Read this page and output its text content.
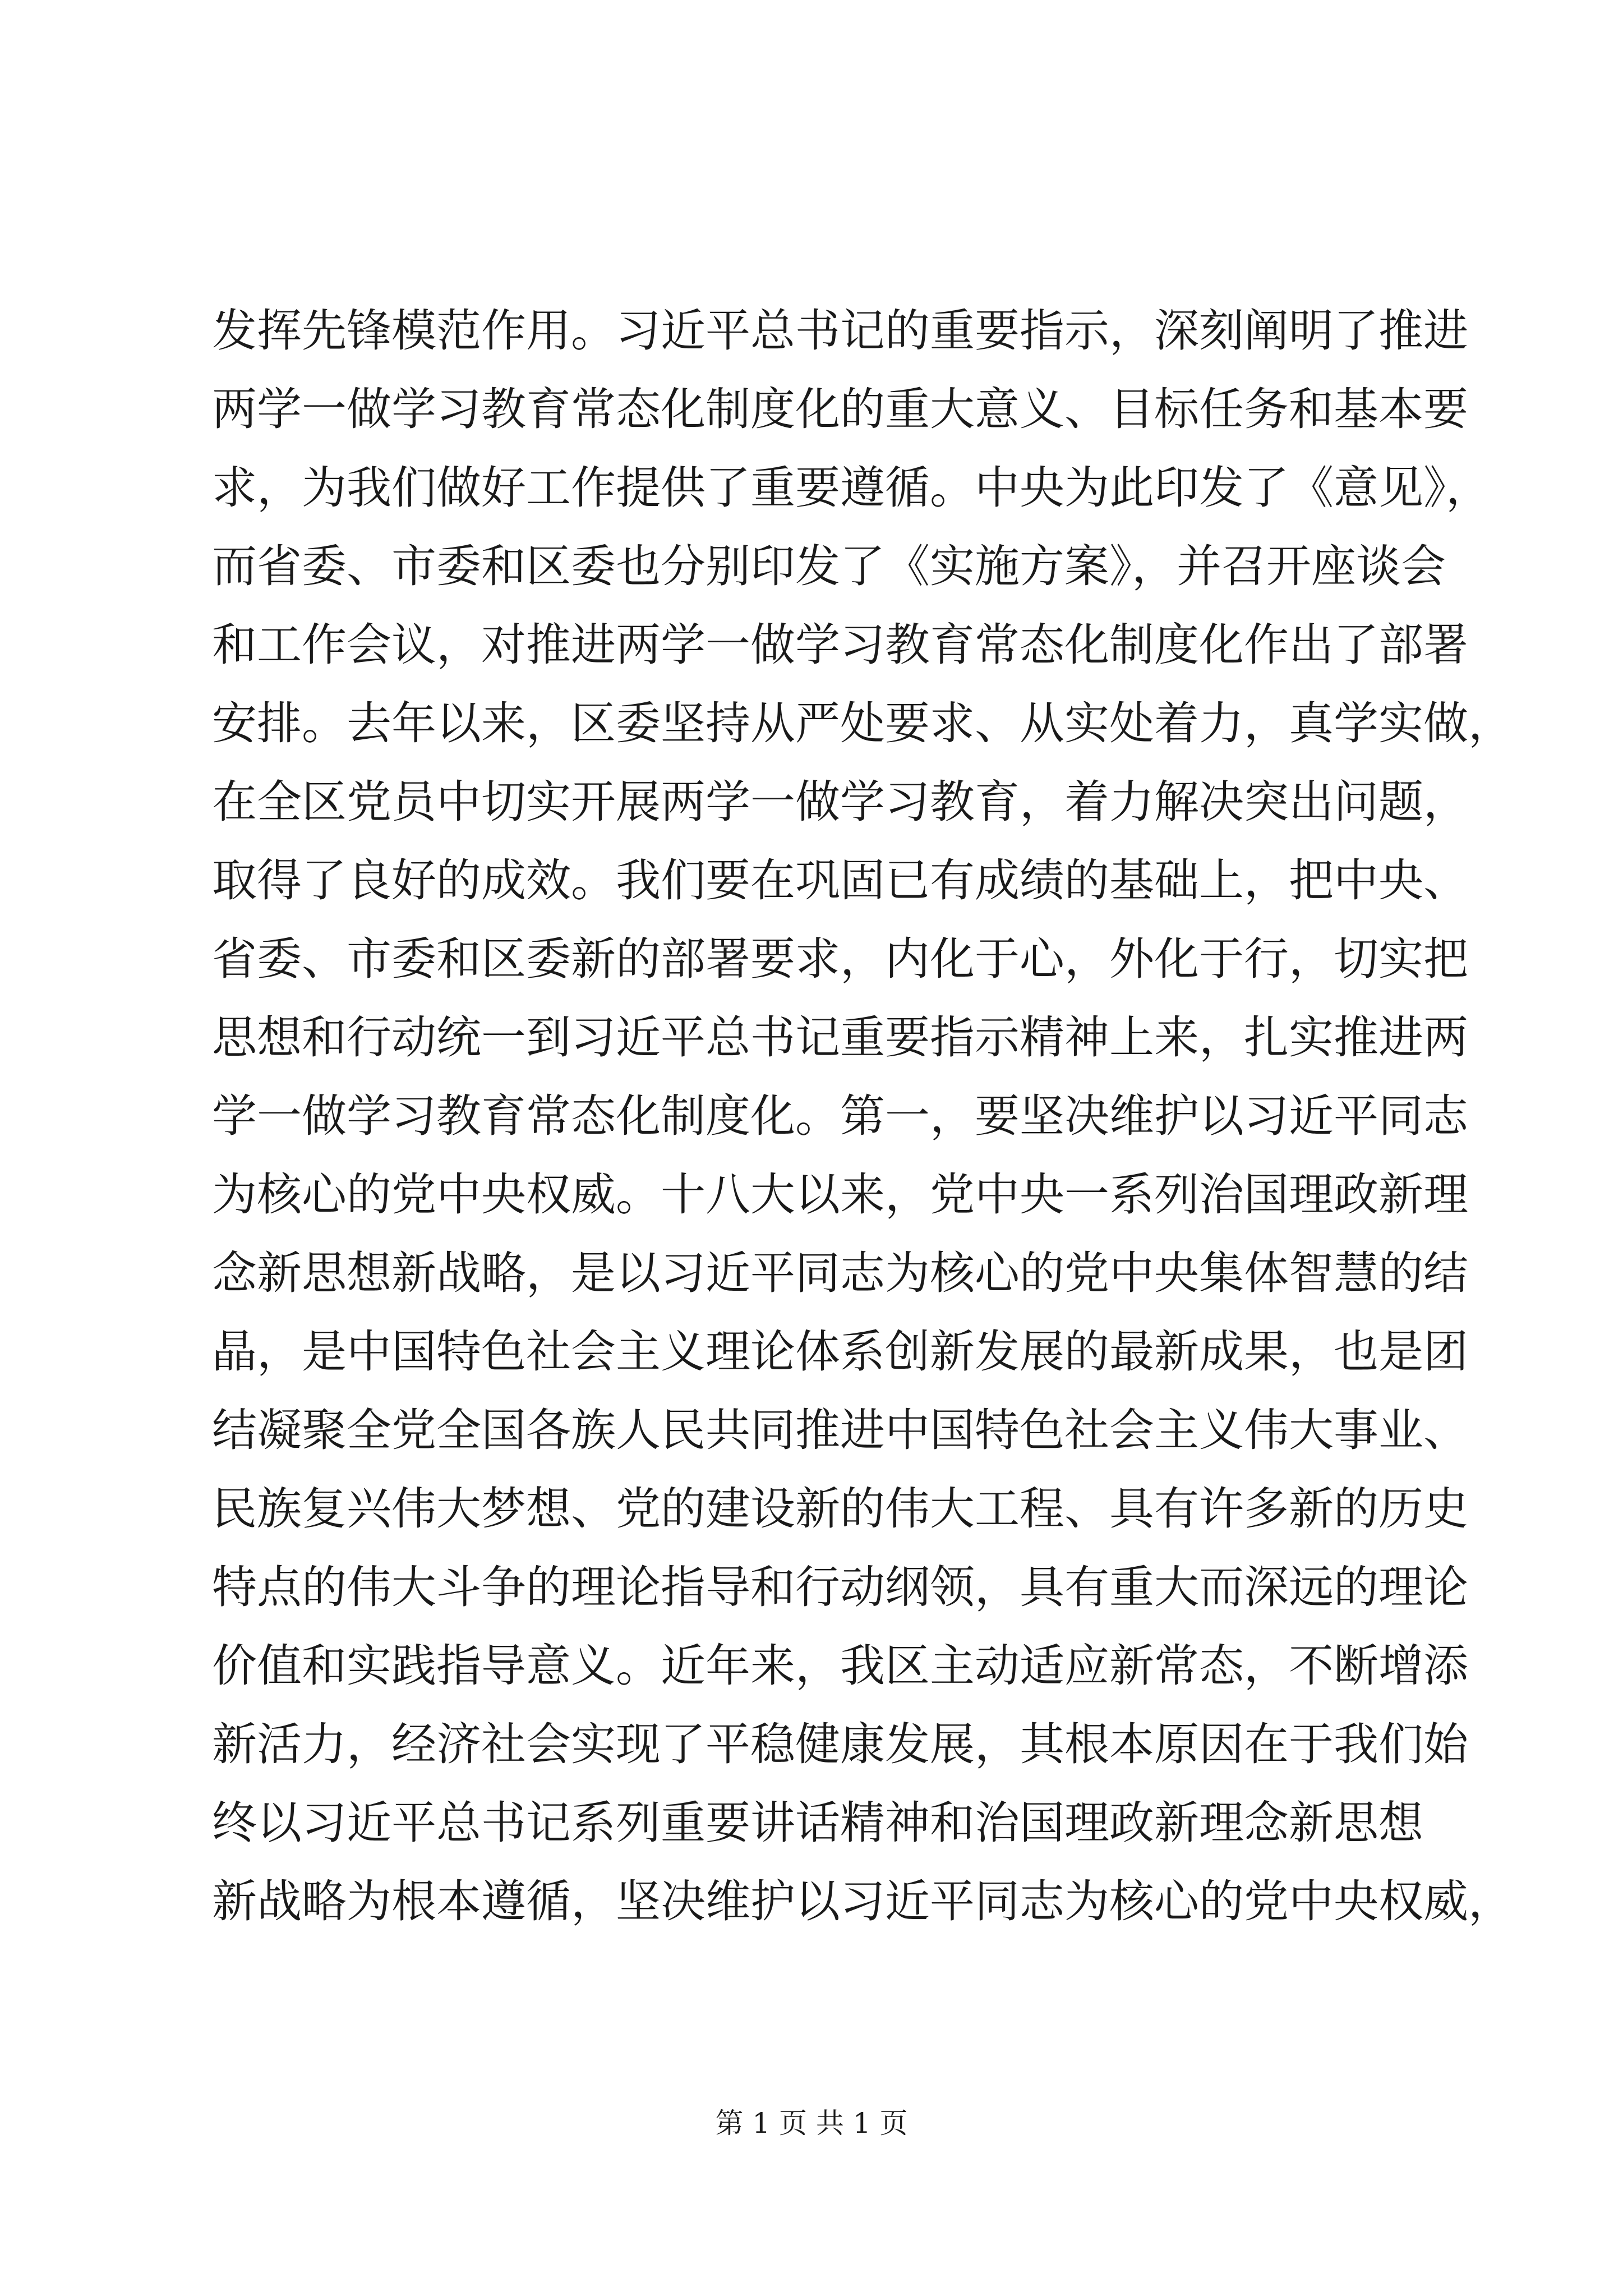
发挥先锋模范作用。习近平总书记的重要指示，深刻阐明了推进
两学一做学习教育常态化制度化的重大意义、目标任务和基本要
求，为我们做好工作提供了重要遵循。中央为此印发了《意见》，
而省委、市委和区委也分别印发了《实施方案》，并召开座谈会
和工作会议，对推进两学一做学习教育常态化制度化作出了部署
安排。去年以来，区委坚持从严处要求、从实处着力，真学实做，
在全区党员中切实开展两学一做学习教育，着力解决突出问题，
取得了良好的成效。我们要在巩固已有成绩的基础上，把中央、
省委、市委和区委新的部署要求，内化于心，外化于行，切实把
思想和行动统一到习近平总书记重要指示精神上来，扎实推进两
学一做学习教育常态化制度化。第一，要坚决维护以习近平同志
为核心的党中央权威。十八大以来，党中央一系列治国理政新理
念新思想新战略，是以习近平同志为核心的党中央集体智慧的结
晶，是中国特色社会主义理论体系创新发展的最新成果，也是团
结凝聚全党全国各族人民共同推进中国特色社会主义伟大事业、
民族复兴伟大梦想、党的建设新的伟大工程、具有许多新的历史
特点的伟大斗争的理论指导和行动纲领，具有重大而深远的理论
价值和实践指导意义。近年来，我区主动适应新常态，不断增添
新活力，经济社会实现了平稳健康发展，其根本原因在于我们始
终以习近平总书记系列重要讲话精神和治国理政新理念新思想
新战略为根本遵循，坚决维护以习近平同志为核心的党中央权威，
第 1 页 共 1 页
